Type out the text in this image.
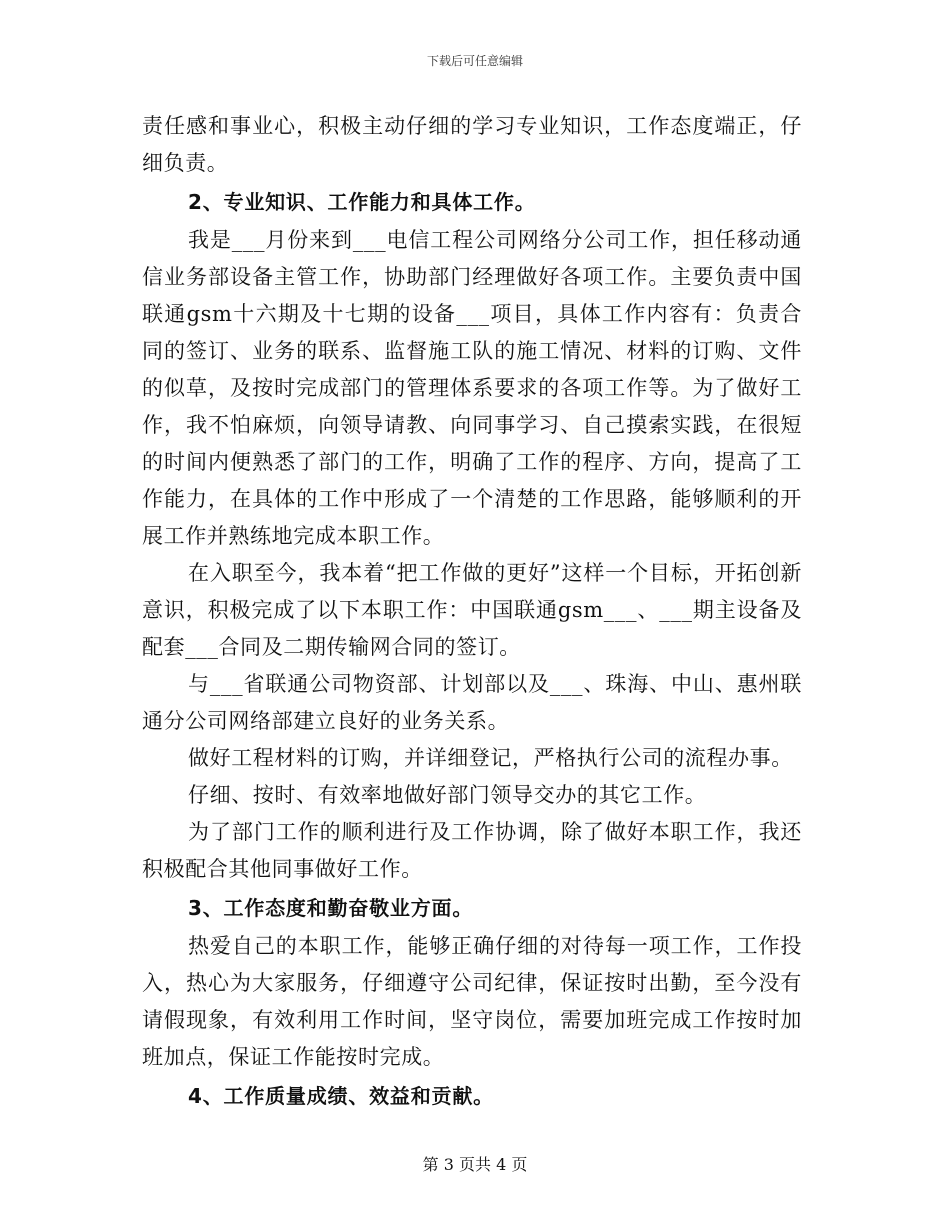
下载后可任意编辑

责任感和事业心，积极主动仔细的学习专业知识，工作态度端正，仔细负责。

2、专业知识、工作能力和具体工作。

我是___月份来到___电信工程公司网络分公司工作，担任移动通信业务部设备主管工作，协助部门经理做好各项工作。主要负责中国联通gsm十六期及十七期的设备___项目，具体工作内容有：负责合同的签订、业务的联系、监督施工队的施工情况、材料的订购、文件的似草，及按时完成部门的管理体系要求的各项工作等。为了做好工作，我不怕麻烦，向领导请教、向同事学习、自己摸索实践，在很短的时间内便熟悉了部门的工作，明确了工作的程序、方向，提高了工作能力，在具体的工作中形成了一个清楚的工作思路，能够顺利的开展工作并熟练地完成本职工作。

在入职至今，我本着“把工作做的更好”这样一个目标，开拓创新意识，积极完成了以下本职工作：中国联通gsm___、___期主设备及配套___合同及二期传输网合同的签订。

与___省联通公司物资部、计划部以及___、珠海、中山、惠州联通分公司网络部建立良好的业务关系。

做好工程材料的订购，并详细登记，严格执行公司的流程办事。

仔细、按时、有效率地做好部门领导交办的其它工作。

为了部门工作的顺利进行及工作协调，除了做好本职工作，我还积极配合其他同事做好工作。

3、工作态度和勤奋敬业方面。

热爱自己的本职工作，能够正确仔细的对待每一项工作，工作投入，热心为大家服务，仔细遵守公司纪律，保证按时出勤，至今没有请假现象，有效利用工作时间，坚守岗位，需要加班完成工作按时加班加点，保证工作能按时完成。

4、工作质量成绩、效益和贡献。

第 3 页共 4 页
